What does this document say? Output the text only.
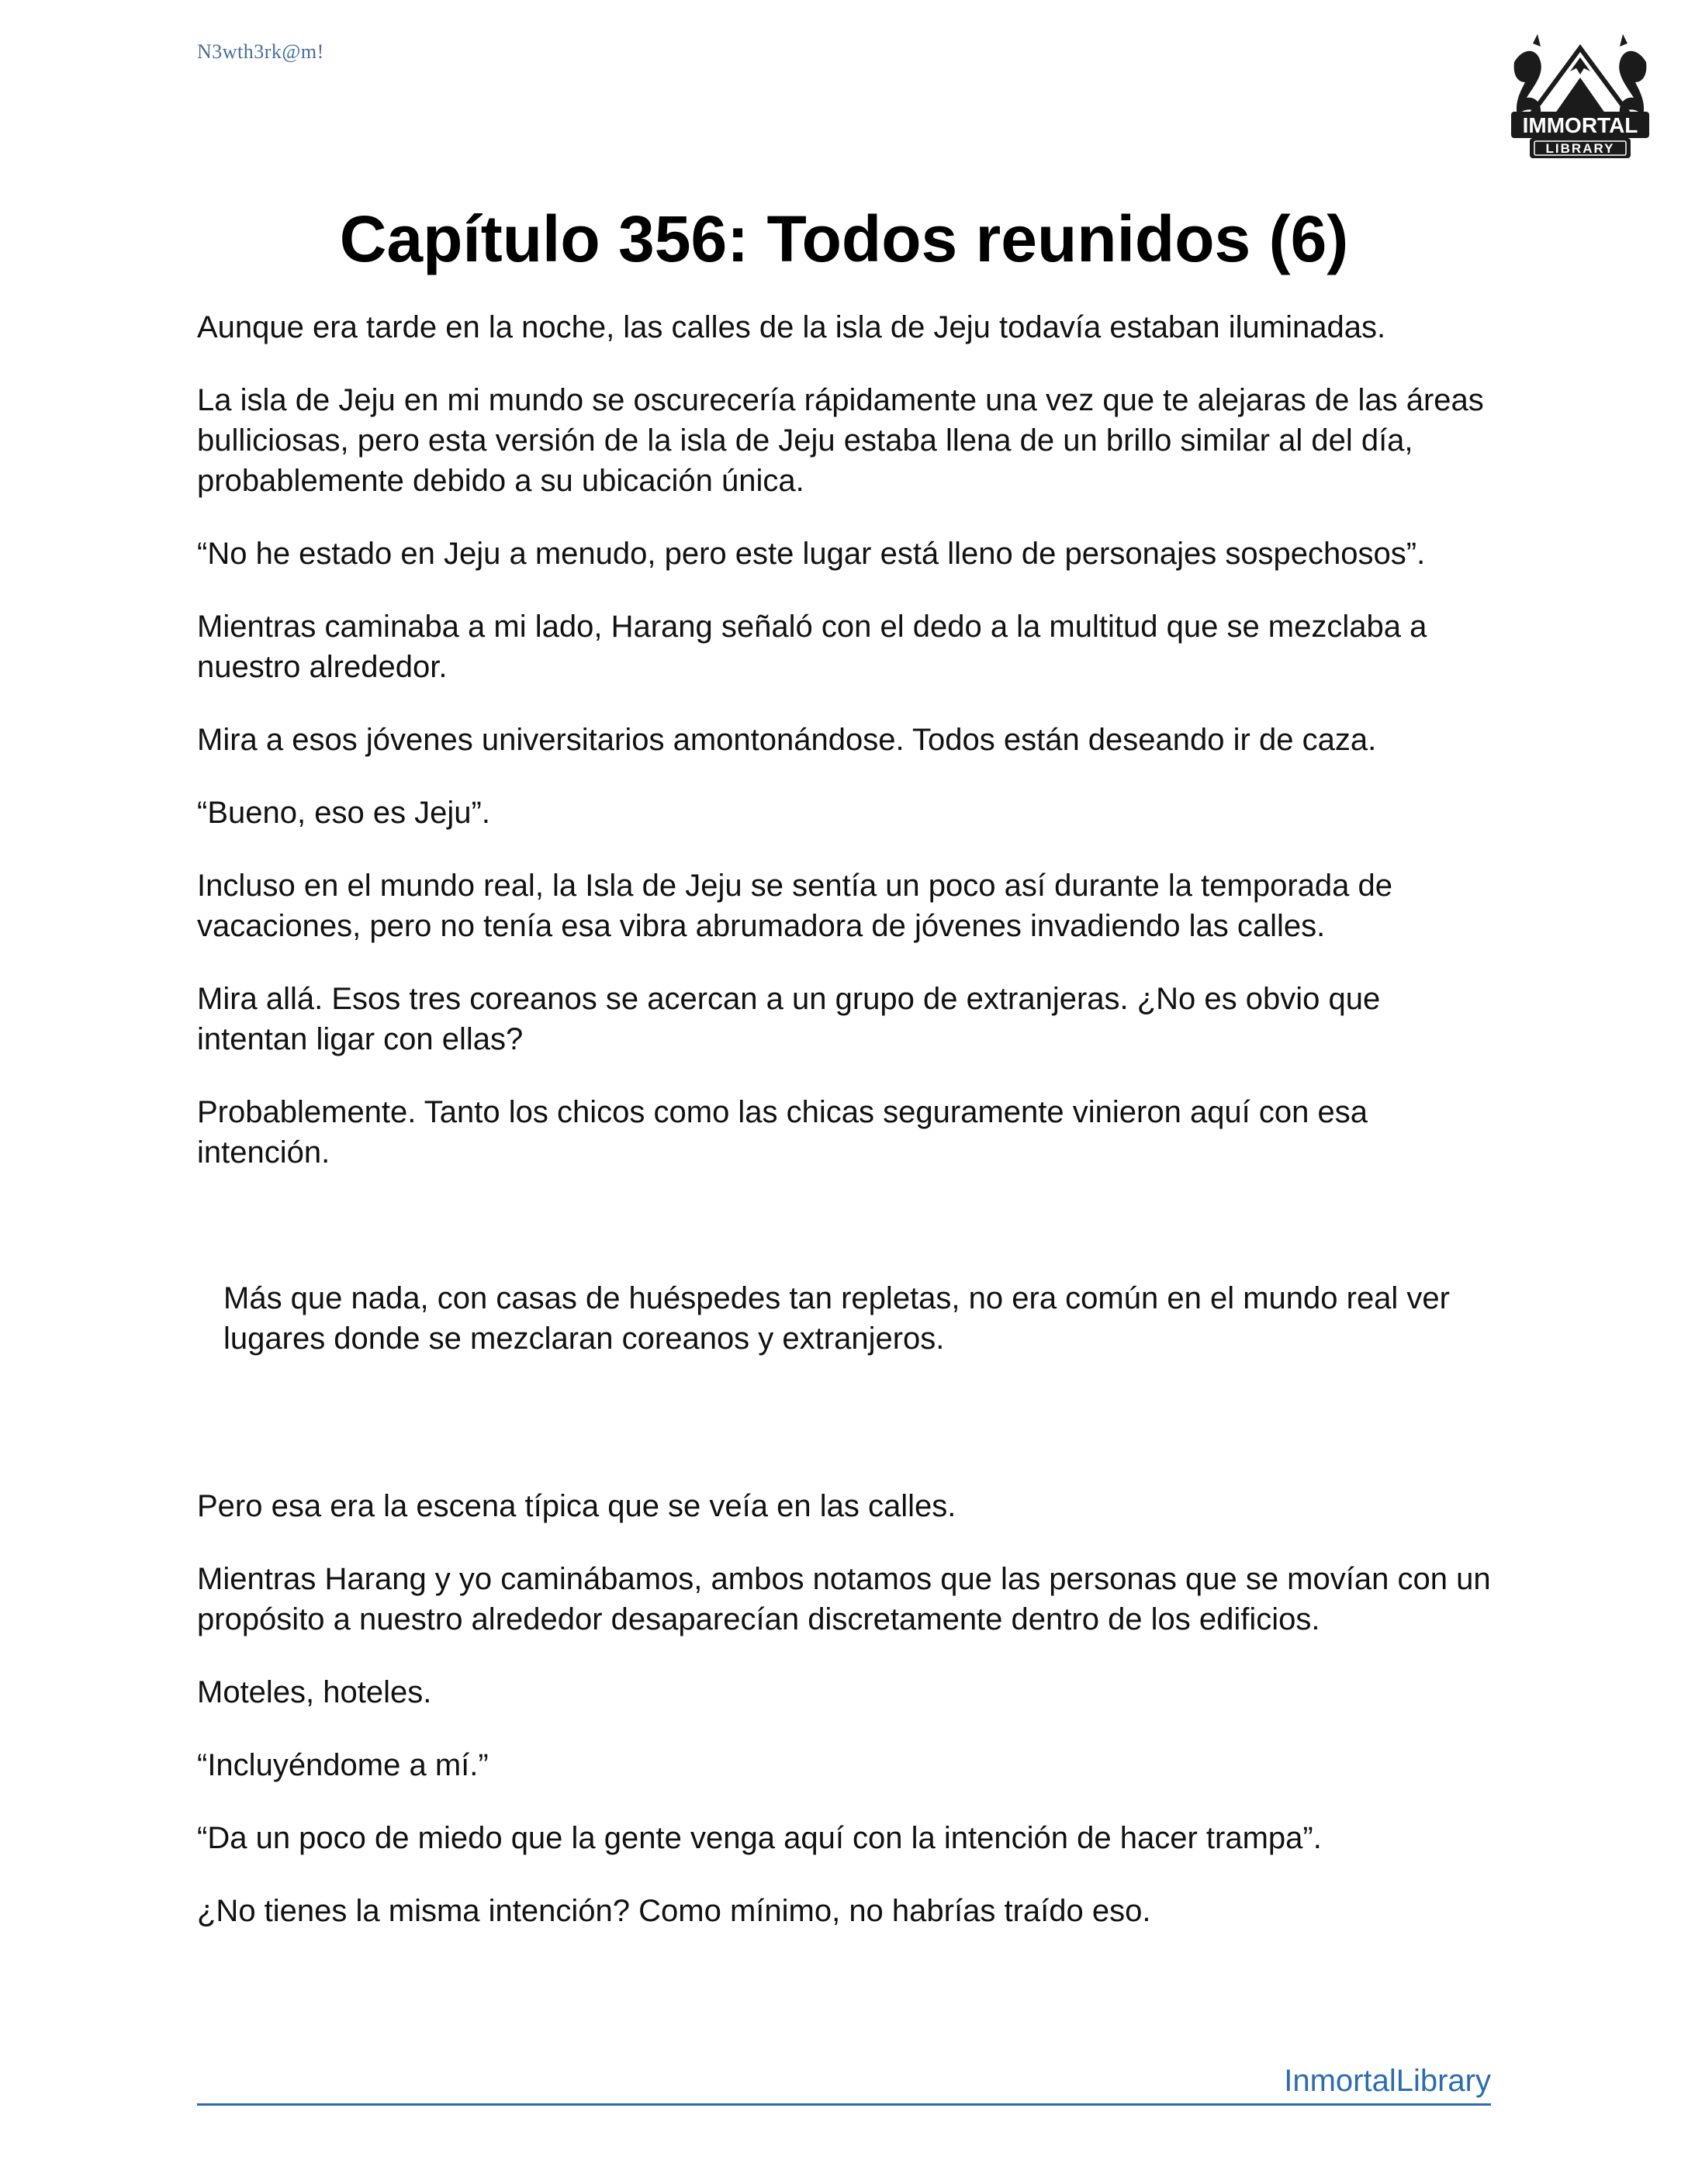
N3wth3rk@m!
IMMORTAL
LIBRARY
Capítulo 356: Todos reunidos (6)

Aunque era tarde en la noche, las calles de la isla de Jeju todavía estaban iluminadas.

La isla de Jeju en mi mundo se oscurecería rápidamente una vez que te alejaras de las áreas bulliciosas, pero esta versión de la isla de Jeju estaba llena de un brillo similar al del día, probablemente debido a su ubicación única.

“No he estado en Jeju a menudo, pero este lugar está lleno de personajes sospechosos”.

Mientras caminaba a mi lado, Harang señaló con el dedo a la multitud que se mezclaba a nuestro alrededor.

Mira a esos jóvenes universitarios amontonándose. Todos están deseando ir de caza.

“Bueno, eso es Jeju”.

Incluso en el mundo real, la Isla de Jeju se sentía un poco así durante la temporada de vacaciones, pero no tenía esa vibra abrumadora de jóvenes invadiendo las calles.

Mira allá. Esos tres coreanos se acercan a un grupo de extranjeras. ¿No es obvio que intentan ligar con ellas?

Probablemente. Tanto los chicos como las chicas seguramente vinieron aquí con esa intención.

Más que nada, con casas de huéspedes tan repletas, no era común en el mundo real ver lugares donde se mezclaran coreanos y extranjeros.

Pero esa era la escena típica que se veía en las calles.

Mientras Harang y yo caminábamos, ambos notamos que las personas que se movían con un propósito a nuestro alrededor desaparecían discretamente dentro de los edificios.

Moteles, hoteles.

“Incluyéndome a mí.”

“Da un poco de miedo que la gente venga aquí con la intención de hacer trampa”.

¿No tienes la misma intención? Como mínimo, no habrías traído eso.

InmortalLibrary
